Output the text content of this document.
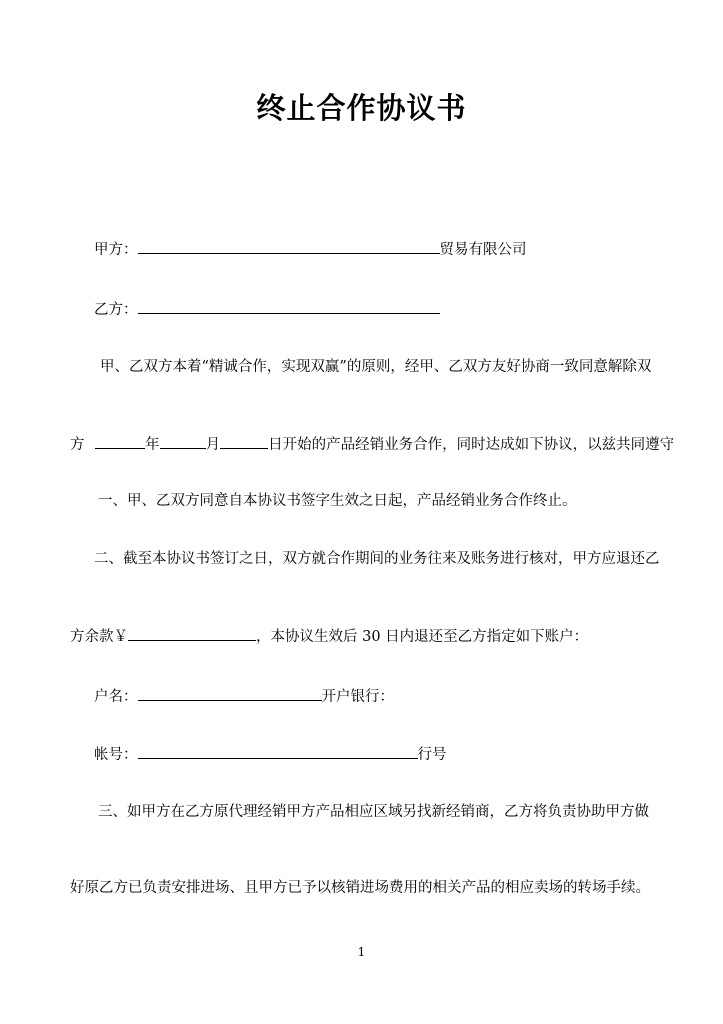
终止合作协议书
甲方：	贸易有限公司
乙方：
甲、乙双方本着“精诚合作，实现双赢”的原则，经甲、乙双方友好协商一致同意解除双
方	年	月	日开始的产品经销业务合作，同时达成如下协议，以兹共同遵守
一、甲、乙双方同意自本协议书签字生效之日起，产品经销业务合作终止。
二、截至本协议书签订之日，双方就合作期间的业务往来及账务进行核对，甲方应退还乙
方余款￥	，本协议生效后 30 日内退还至乙方指定如下账户：
户名：	开户银行：
帐号：	行号
三、如甲方在乙方原代理经销甲方产品相应区域另找新经销商，乙方将负责协助甲方做
好原乙方已负责安排进场、且甲方已予以核销进场费用的相关产品的相应卖场的转场手续。
1
